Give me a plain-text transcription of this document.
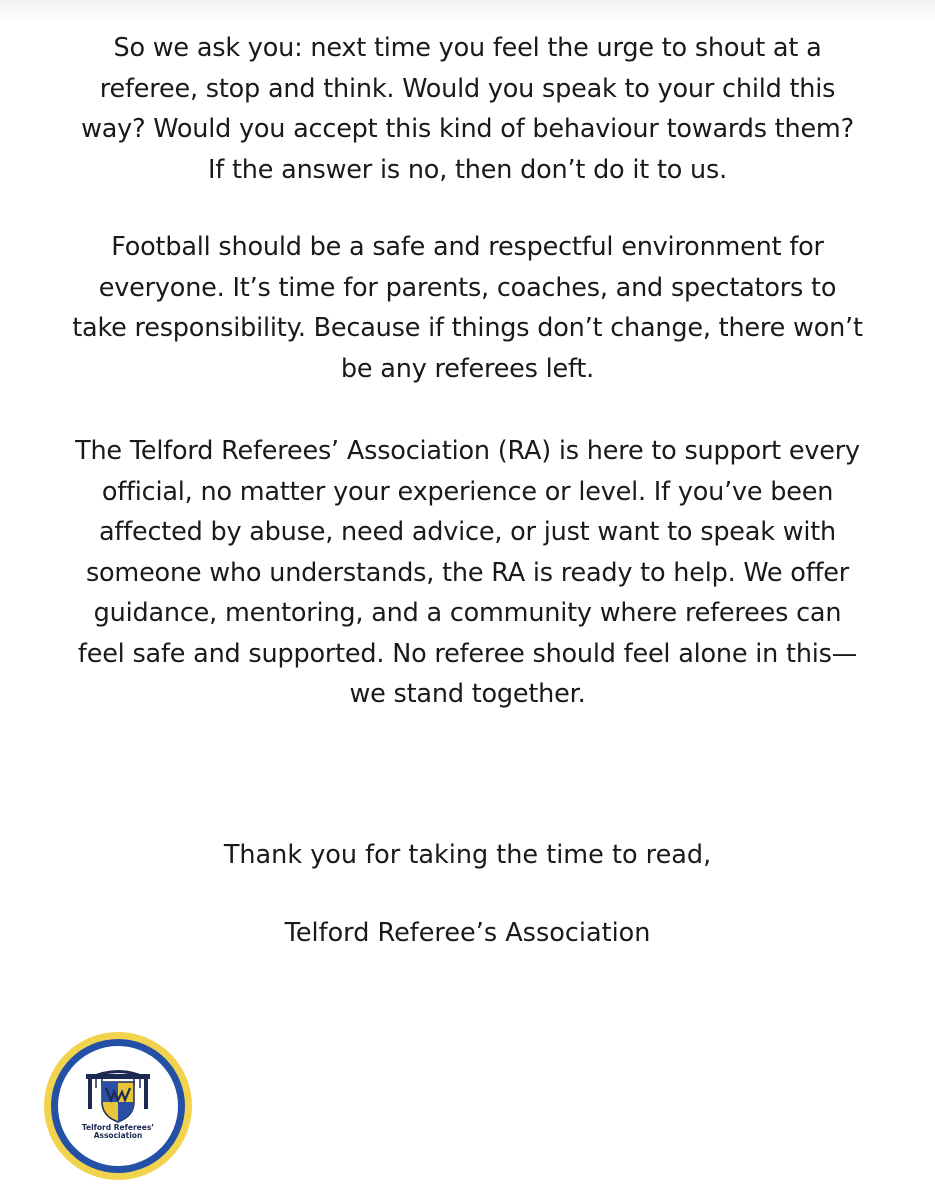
So we ask you: next time you feel the urge to shout at a
referee, stop and think. Would you speak to your child this
way? Would you accept this kind of behaviour towards them?
If the answer is no, then don’t do it to us.

Football should be a safe and respectful environment for
everyone. It’s time for parents, coaches, and spectators to
take responsibility. Because if things don’t change, there won’t
be any referees left.

The Telford Referees’ Association (RA) is here to support every
official, no matter your experience or level. If you’ve been
affected by abuse, need advice, or just want to speak with
someone who understands, the RA is ready to help. We offer
guidance, mentoring, and a community where referees can
feel safe and supported. No referee should feel alone in this—
we stand together.

Thank you for taking the time to read,

Telford Referee’s Association

Telford Referees’
Association
